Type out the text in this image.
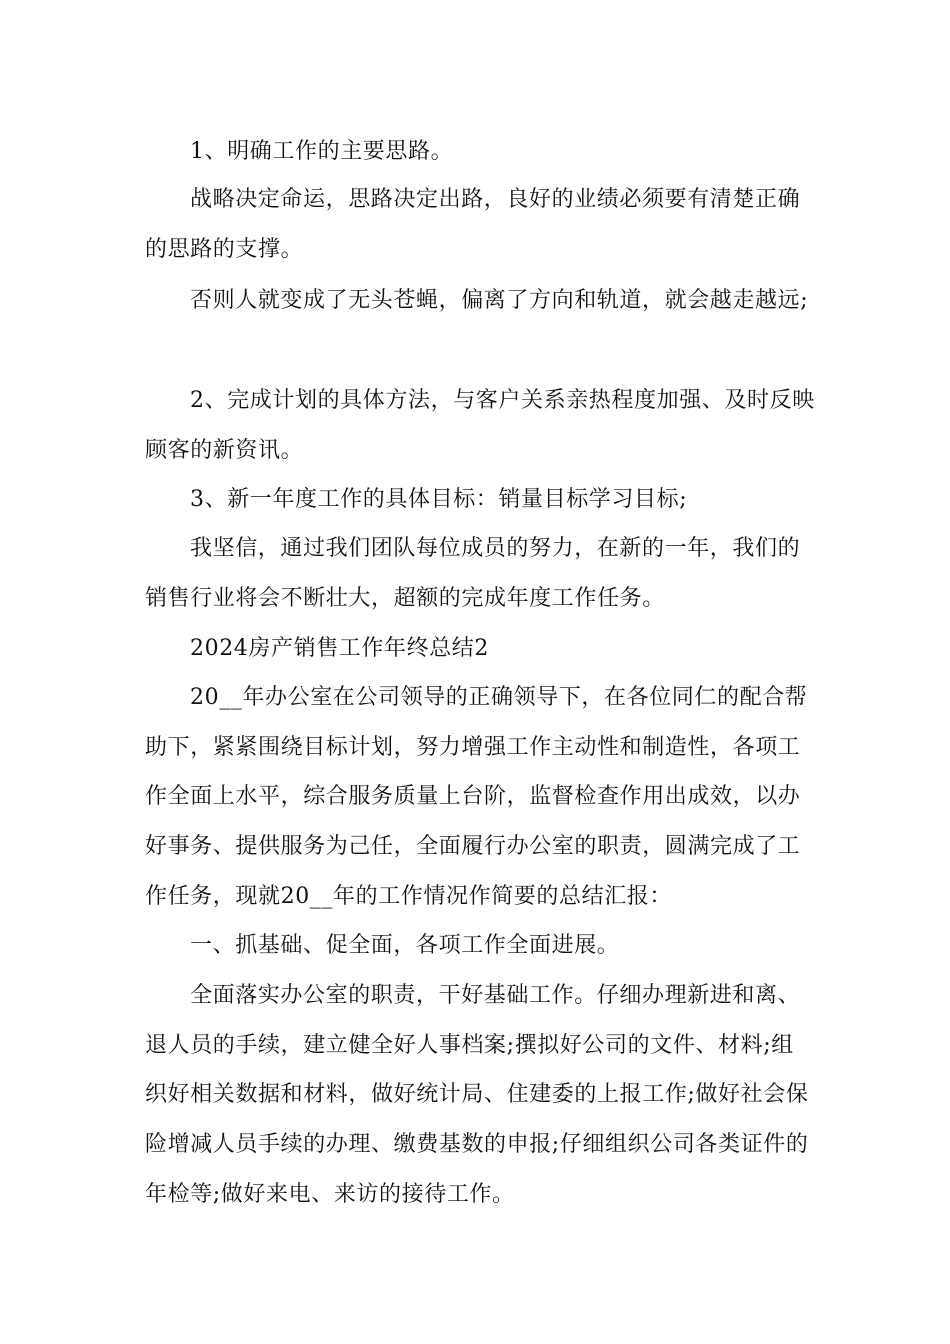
1、明确工作的主要思路。

战略决定命运，思路决定出路，良好的业绩必须要有清楚正确

的思路的支撑。

否则人就变成了无头苍蝇，偏离了方向和轨道，就会越走越远;

2、完成计划的具体方法，与客户关系亲热程度加强、及时反映

顾客的新资讯。

3、新一年度工作的具体目标：销量目标学习目标;

我坚信，通过我们团队每位成员的努力，在新的一年，我们的

销售行业将会不断壮大，超额的完成年度工作任务。

2024房产销售工作年终总结2

20__年办公室在公司领导的正确领导下，在各位同仁的配合帮

助下，紧紧围绕目标计划，努力增强工作主动性和制造性，各项工

作全面上水平，综合服务质量上台阶，监督检查作用出成效，以办

好事务、提供服务为己任，全面履行办公室的职责，圆满完成了工

作任务，现就20__年的工作情况作简要的总结汇报：

一、抓基础、促全面，各项工作全面进展。

全面落实办公室的职责，干好基础工作。仔细办理新进和离、

退人员的手续，建立健全好人事档案;撰拟好公司的文件、材料;组

织好相关数据和材料，做好统计局、住建委的上报工作;做好社会保

险增减人员手续的办理、缴费基数的申报;仔细组织公司各类证件的

年检等;做好来电、来访的接待工作。
